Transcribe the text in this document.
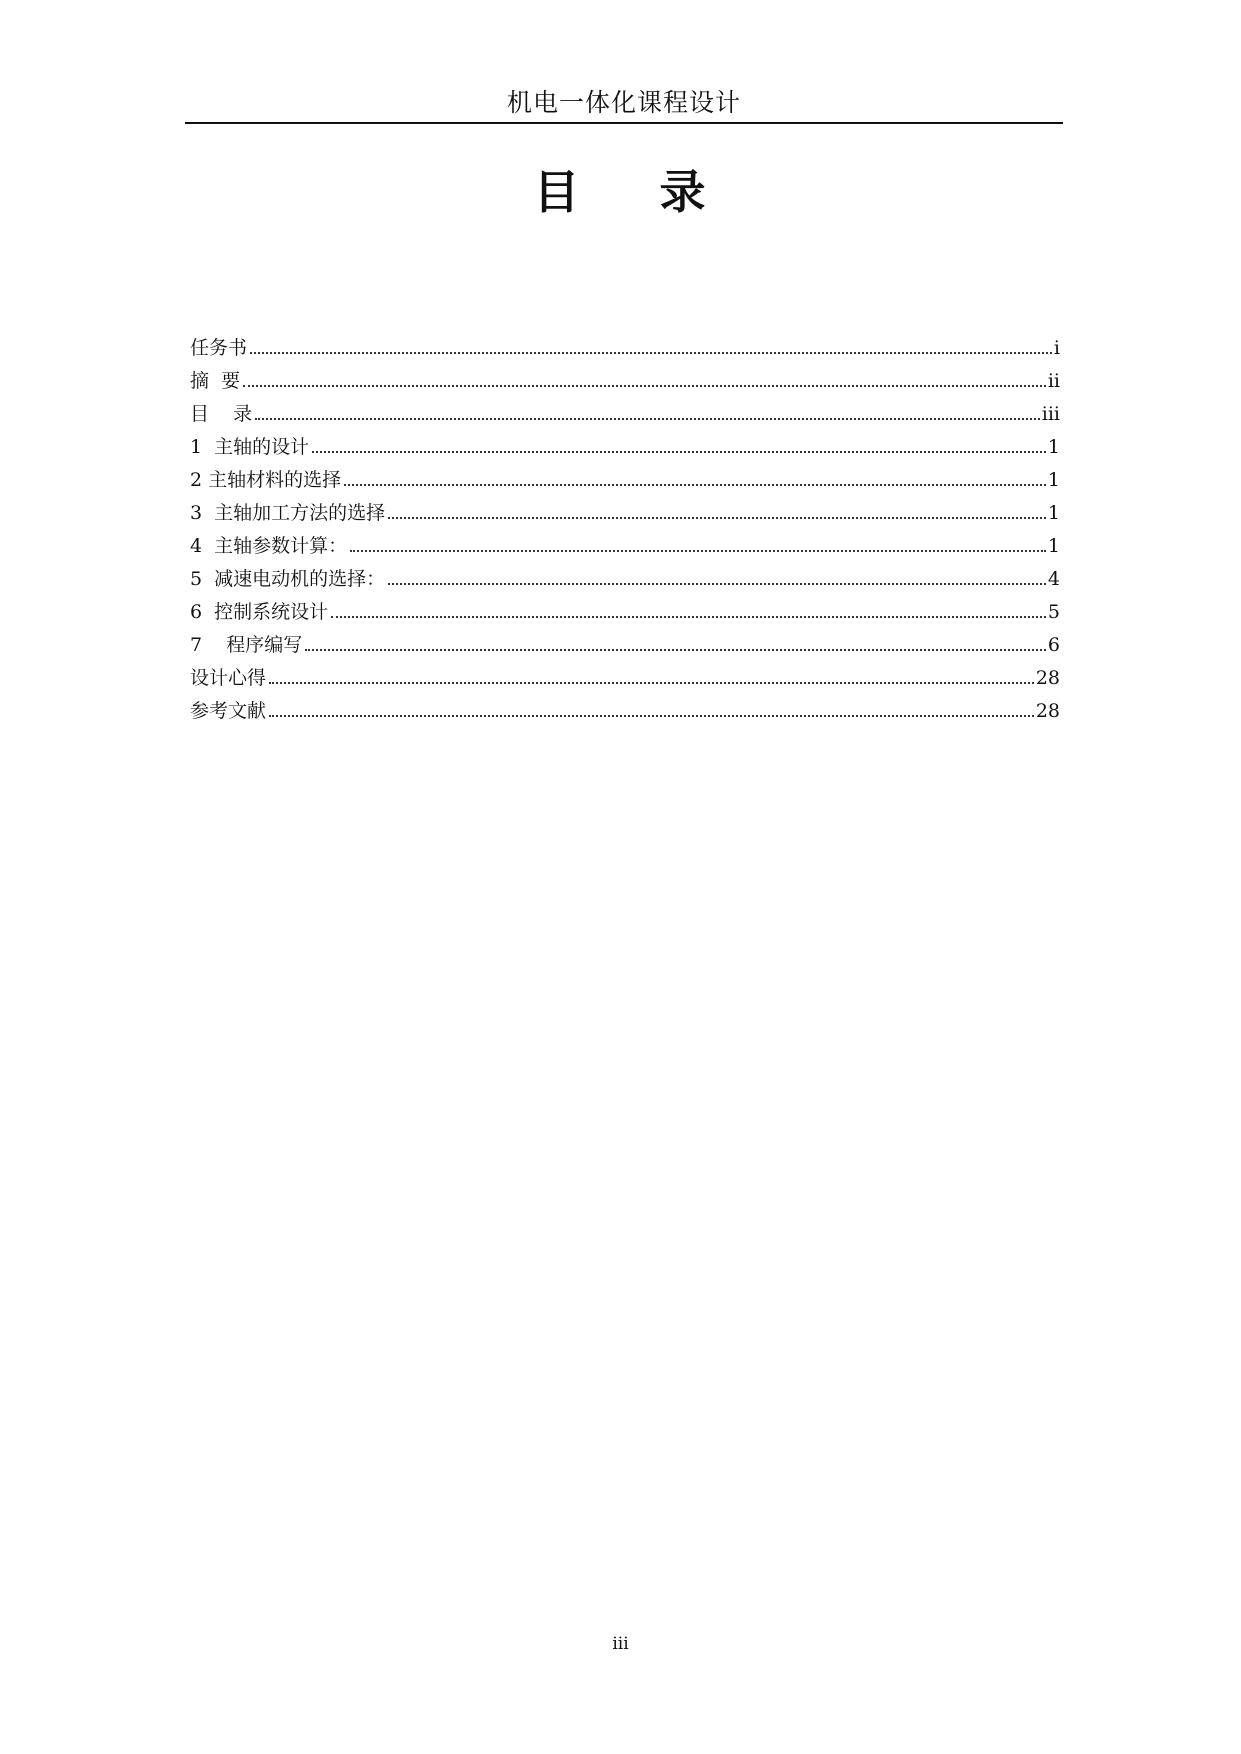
机电一体化课程设计
目 录
任务书	i
摘  要	ii
目    录	iii
1  主轴的设计	1
2 主轴材料的选择	1
3  主轴加工方法的选择	1
4  主轴参数计算：	1
5  减速电动机的选择：	4
6  控制系统设计	5
7    程序编写	6
设计心得	28
参考文献	28
iii
